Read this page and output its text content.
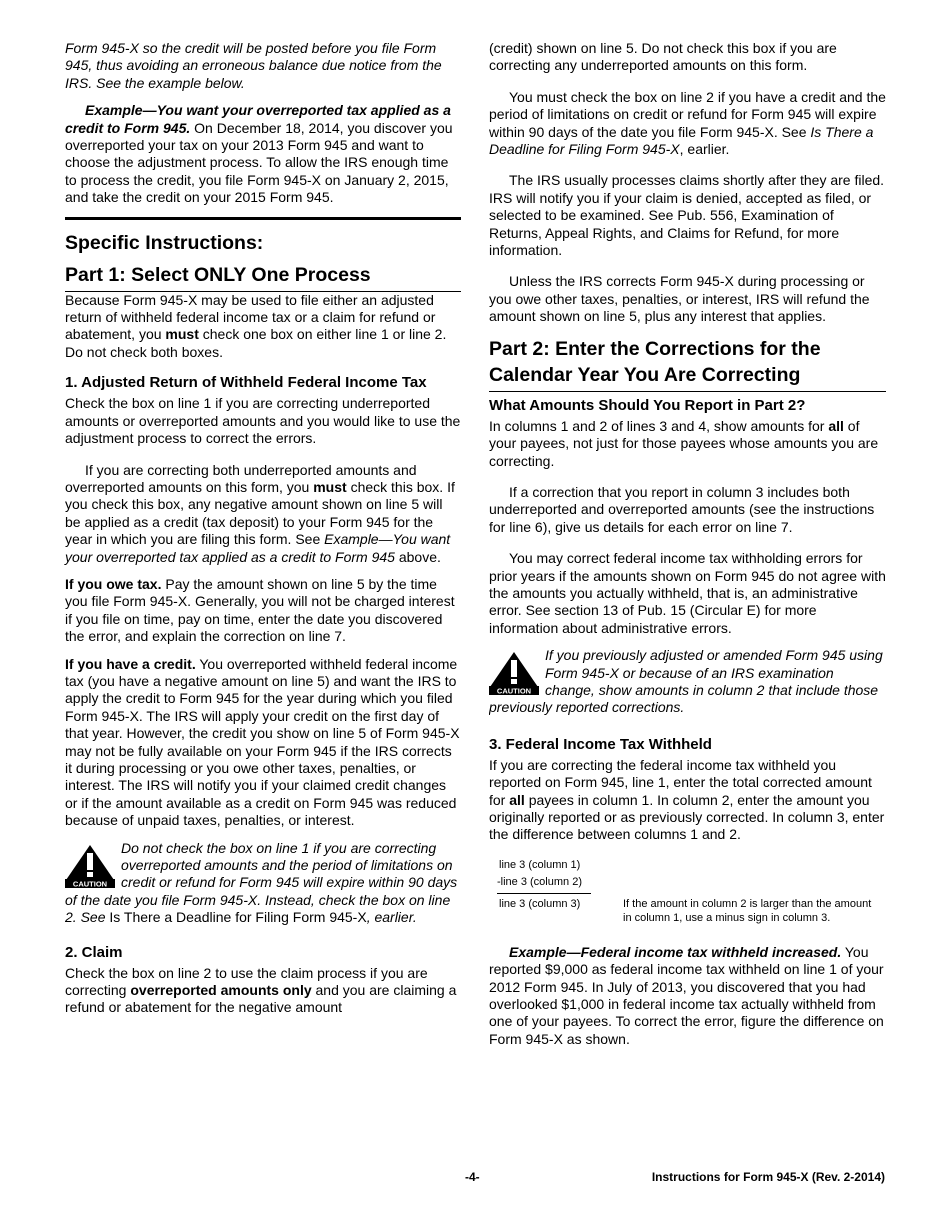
Form 945-X so the credit will be posted before you file Form 945, thus avoiding an erroneous balance due notice from the IRS. See the example below.

Example—You want your overreported tax applied as a credit to Form 945. On December 18, 2014, you discover you overreported your tax on your 2013 Form 945 and want to choose the adjustment process. To allow the IRS enough time to process the credit, you file Form 945-X on January 2, 2015, and take the credit on your 2015 Form 945.

Specific Instructions:
Part 1: Select ONLY One Process

Because Form 945-X may be used to file either an adjusted return of withheld federal income tax or a claim for refund or abatement, you must check one box on either line 1 or line 2. Do not check both boxes.

1. Adjusted Return of Withheld Federal Income Tax

Check the box on line 1 if you are correcting underreported amounts or overreported amounts and you would like to use the adjustment process to correct the errors.

If you are correcting both underreported amounts and overreported amounts on this form, you must check this box. If you check this box, any negative amount shown on line 5 will be applied as a credit (tax deposit) to your Form 945 for the year in which you are filing this form. See Example—You want your overreported tax applied as a credit to Form 945 above.

If you owe tax. Pay the amount shown on line 5 by the time you file Form 945-X. Generally, you will not be charged interest if you file on time, pay on time, enter the date you discovered the error, and explain the correction on line 7.

If you have a credit. You overreported withheld federal income tax (you have a negative amount on line 5) and want the IRS to apply the credit to Form 945 for the year during which you filed Form 945-X. The IRS will apply your credit on the first day of that year. However, the credit you show on line 5 of Form 945-X may not be fully available on your Form 945 if the IRS corrects it during processing or you owe other taxes, penalties, or interest. The IRS will notify you if your claimed credit changes or if the amount available as a credit on Form 945 was reduced because of unpaid taxes, penalties, or interest.

CAUTION

Do not check the box on line 1 if you are correcting overreported amounts and the period of limitations on credit or refund for Form 945 will expire within 90 days of the date you file Form 945-X. Instead, check the box on line 2. See Is There a Deadline for Filing Form 945-X, earlier.

2. Claim

Check the box on line 2 to use the claim process if you are correcting overreported amounts only and you are claiming a refund or abatement for the negative amount

(credit) shown on line 5. Do not check this box if you are correcting any underreported amounts on this form.

You must check the box on line 2 if you have a credit and the period of limitations on credit or refund for Form 945 will expire within 90 days of the date you file Form 945-X. See Is There a Deadline for Filing Form 945-X, earlier.

The IRS usually processes claims shortly after they are filed. IRS will notify you if your claim is denied, accepted as filed, or selected to be examined. See Pub. 556, Examination of Returns, Appeal Rights, and Claims for Refund, for more information.

Unless the IRS corrects Form 945-X during processing or you owe other taxes, penalties, or interest, IRS will refund the amount shown on line 5, plus any interest that applies.

Part 2: Enter the Corrections for the Calendar Year You Are Correcting
What Amounts Should You Report in Part 2?

In columns 1 and 2 of lines 3 and 4, show amounts for all of your payees, not just for those payees whose amounts you are correcting.

If a correction that you report in column 3 includes both underreported and overreported amounts (see the instructions for line 6), give us details for each error on line 7.

You may correct federal income tax withholding errors for prior years if the amounts shown on Form 945 do not agree with the amounts you actually withheld, that is, an administrative error. See section 13 of Pub. 15 (Circular E) for more information about administrative errors.

CAUTION

If you previously adjusted or amended Form 945 using Form 945-X or because of an IRS examination change, show amounts in column 2 that include those previously reported corrections.

3. Federal Income Tax Withheld

If you are correcting the federal income tax withheld you reported on Form 945, line 1, enter the total corrected amount for all payees in column 1. In column 2, enter the amount you originally reported or as previously corrected. In column 3, enter the difference between columns 1 and 2.

line 3 (column 1)
-line 3 (column 2)
line 3 (column 3)	If the amount in column 2 is larger than the amount in column 1, use a minus sign in column 3.

Example—Federal income tax withheld increased. You reported $9,000 as federal income tax withheld on line 1 of your 2012 Form 945. In July of 2013, you discovered that you had overlooked $1,000 in federal income tax actually withheld from one of your payees. To correct the error, figure the difference on Form 945-X as shown.

-4-	Instructions for Form 945-X (Rev. 2-2014)
